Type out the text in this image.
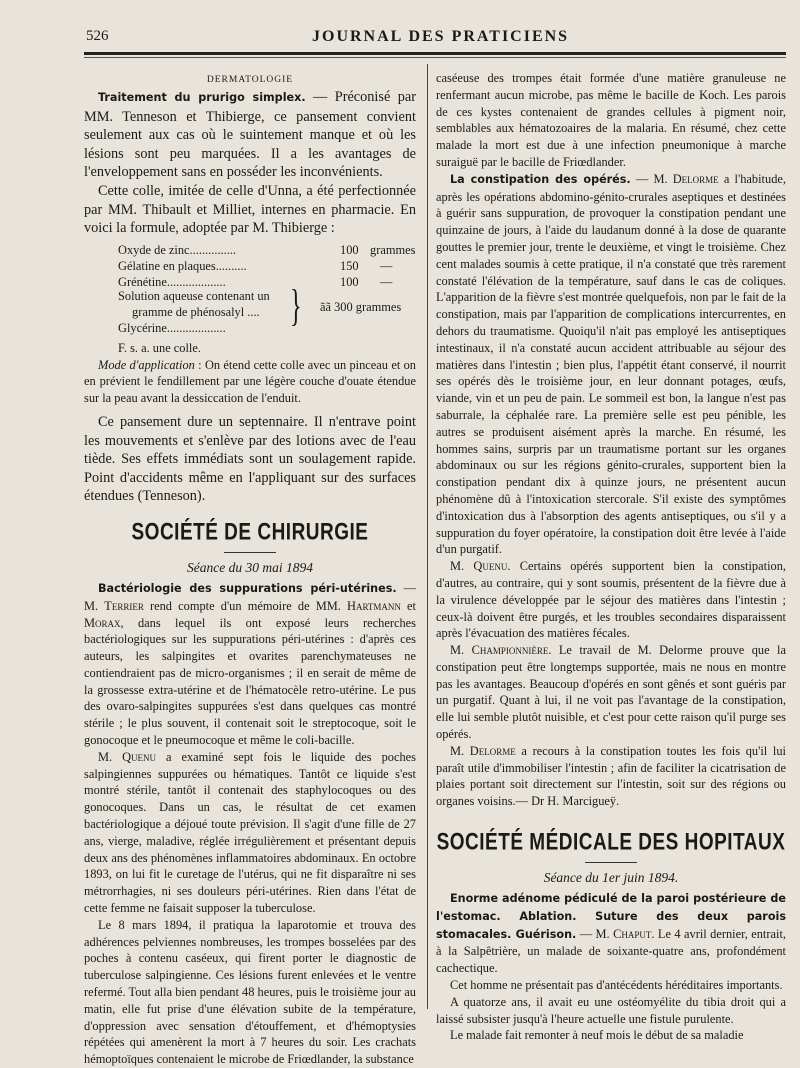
526	JOURNAL DES PRATICIENS
DERMATOLOGIE

Traitement du prurigo simplex. — Préconisé par MM. Tenneson et Thibierge, ce pansement convient seulement aux cas où le suintement manque et où les lésions sont peu marquées. Il a les avantages de l'enveloppement sans en posséder les inconvénients.

Cette colle, imitée de celle d'Unna, a été perfectionnée par MM. Thibault et Milliet, internes en pharmacie. En voici la formule, adoptée par M. Thibierge :

Oxyde de zinc...............	100 grammes
Gélatine en plaques..........	150 —
Grénétine...................	100 —
Solution aqueuse contenant un
gramme de phénosalyl ....
Glycérine................... } ãã 300 grammes
F. s. a. une colle.

Mode d'application : On étend cette colle avec un pinceau et on en prévient le fendillement par une légère couche d'ouate étendue sur la peau avant la dessiccation de l'enduit.

Ce pansement dure un septennaire. Il n'entrave point les mouvements et s'enlève par des lotions avec de l'eau tiède. Ses effets immédiats sont un soulagement rapide. Point d'accidents même en l'appliquant sur des surfaces étendues (Tenneson).

SOCIÉTÉ DE CHIRURGIE
Séance du 30 mai 1894

Bactériologie des suppurations péri-utérines. — M. Terrier rend compte d'un mémoire de MM. Hartmann et Morax, dans lequel ils ont exposé leurs recherches bactériologiques sur les suppurations péri-utérines : d'après ces auteurs, les salpingites et ovarites parenchymateuses ne contiendraient pas de micro-organismes ; il en serait de même de la grossesse extra-utérine et de l'hématocèle retro-utérine. Le pus des ovaro-salpingites suppurées s'est dans quelques cas montré stérile ; le plus souvent, il contenait soit le streptocoque, soit le gonocoque et le pneumocoque et même le coli-bacille.

M. Quenu a examiné sept fois le liquide des poches salpingiennes suppurées ou hématiques. Tantôt ce liquide s'est montré stérile, tantôt il contenait des staphylocoques ou des gonocoques. Dans un cas, le résultat de cet examen bactériologique a déjoué toute prévision. Il s'agit d'une fille de 27 ans, vierge, maladive, réglée irrégulièrement et présentant depuis deux ans des phénomènes inflammatoires abdominaux. En octobre 1893, on lui fit le curetage de l'utérus, qui ne fit disparaître ni ses métrorrhagies, ni ses douleurs péri-utérines. Rien dans l'état de cette femme ne faisait supposer la tuberculose.

Le 8 mars 1894, il pratiqua la laparotomie et trouva des adhérences pelviennes nombreuses, les trompes bosselées par des poches à contenu caséeux, qui firent porter le diagnostic de tuberculose salpingienne. Ces lésions furent enlevées et le ventre refermé. Tout alla bien pendant 48 heures, puis le troisième jour au matin, elle fut prise d'une élévation subite de la température, d'oppression avec sensation d'étouffement, et d'hémoptysies répétées qui amenèrent la mort à 7 heures du soir. Les crachats hémoptoïques contenaient le microbe de Friœdlander, la substance

caséeuse des trompes était formée d'une matière granuleuse ne renfermant aucun microbe, pas même le bacille de Koch. Les parois de ces kystes contenaient de grandes cellules à pigment noir, semblables aux hématozoaires de la malaria. En résumé, chez cette malade la mort est due à une infection pneumonique à marche suraiguë par le bacille de Friœdlander.

La constipation des opérés. — M. Delorme a l'habitude, après les opérations abdomino-génito-crurales aseptiques et destinées à guérir sans suppuration, de provoquer la constipation pendant une quinzaine de jours, à l'aide du laudanum donné à la dose de quarante gouttes le premier jour, trente le deuxième, et vingt le troisième. Chez cent malades soumis à cette pratique, il n'a constaté que très rarement constaté l'élévation de la température, sauf dans le cas de coliques. L'apparition de la fièvre s'est montrée quelquefois, non par le fait de la constipation, mais par l'apparition de complications intercurrentes, en dehors du traumatisme. Quoiqu'il n'ait pas employé les antiseptiques intestinaux, il n'a constaté aucun accident attribuable au séjour des matières dans l'intestin ; bien plus, l'appétit étant conservé, il nourrit ses opérés dès le troisième jour, en leur donnant potages, œufs, viande, vin et un peu de pain. Le sommeil est bon, la langue n'est pas saburrale, la céphalée rare. La première selle est peu pénible, les autres se produisent aisément après la marche. En résumé, les hommes sains, surpris par un traumatisme portant sur les organes abdominaux ou sur les régions génito-crurales, supportent bien la constipation pendant dix à quinze jours, ne présentent aucun phénomène dû à l'intoxication stercorale. S'il existe des symptômes d'intoxication dus à l'absorption des agents antiseptiques, ou s'il y a suppuration du foyer opératoire, la constipation doit être levée à l'aide d'un purgatif.

M. Quenu. Certains opérés supportent bien la constipation, d'autres, au contraire, qui y sont soumis, présentent de la fièvre due à la virulence développée par le séjour des matières dans l'intestin ; ceux-là doivent être purgés, et les troubles secondaires disparaissent après l'évacuation des matières fécales.

M. Championnière. Le travail de M. Delorme prouve que la constipation peut être longtemps supportée, mais ne nous en montre pas les avantages. Beaucoup d'opérés en sont gênés et sont guéris par un purgatif. Quant à lui, il ne voit pas l'avantage de la constipation, elle lui semble plutôt nuisible, et c'est pour cette raison qu'il purge ses opérés.

M. Delorme a recours à la constipation toutes les fois qu'il lui paraît utile d'immobiliser l'intestin ; afin de faciliter la cicatrisation de plaies portant soit directement sur l'intestin, soit sur des régions ou organes voisins.— Dr H. Marcigueÿ.

SOCIÉTÉ MÉDICALE DES HOPITAUX
Séance du 1er juin 1894.

Enorme adénome pédiculé de la paroi postérieure de l'estomac. Ablation. Suture des deux parois stomacales. Guérison. — M. Chaput. Le 4 avril dernier, entrait, à la Salpêtrière, un malade de soixante-quatre ans, profondément cachectique.

Cet homme ne présentait pas d'antécédents héréditaires importants.

A quatorze ans, il avait eu une ostéomyélite du tibia droit qui a laissé subsister jusqu'à l'heure actuelle une fistule purulente.

Le malade fait remonter à neuf mois le début de sa maladie
